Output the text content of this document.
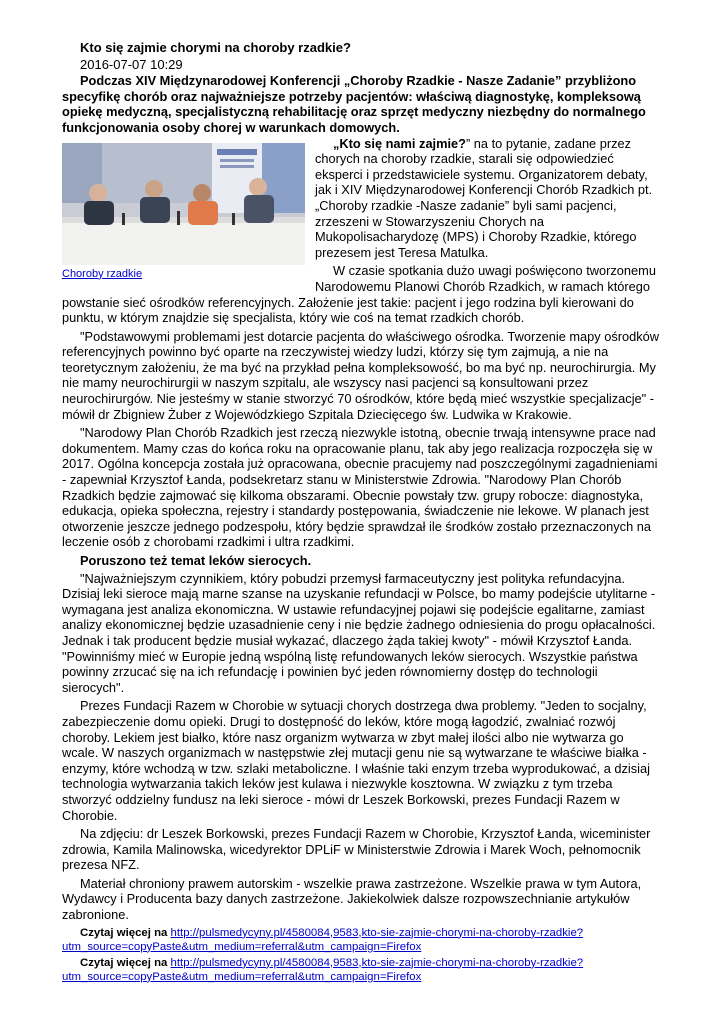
Kto się zajmie chorymi na choroby rzadkie?
2016-07-07 10:29

Podczas XIV Międzynarodowej Konferencji „Choroby Rzadkie - Nasze Zadanie” przybliżono specyfikę chorób oraz najważniejsze potrzeby pacjentów: właściwą diagnostykę, kompleksową opiekę medyczną, specjalistyczną rehabilitację oraz sprzęt medyczny niezbędny do normalnego funkcjonowania osoby chorej w warunkach domowych.

Choroby rzadkie

„Kto się nami zajmie?” na to pytanie, zadane przez chorych na choroby rzadkie, starali się odpowiedzieć eksperci i przedstawiciele systemu. Organizatorem debaty, jak i XIV Międzynarodowej Konferencji Chorób Rzadkich pt. „Choroby rzadkie -Nasze zadanie” byli sami pacjenci, zrzeszeni w Stowarzyszeniu Chorych na Mukopolisacharydozę (MPS) i Choroby Rzadkie, którego prezesem jest Teresa Matulka.

W czasie spotkania dużo uwagi poświęcono tworzonemu Narodowemu Planowi Chorób Rzadkich, w ramach którego powstanie sieć ośrodków referencyjnych. Założenie jest takie: pacjent i jego rodzina byli kierowani do punktu, w którym znajdzie się specjalista, który wie coś na temat rzadkich chorób.

"Podstawowymi problemami jest dotarcie pacjenta do właściwego ośrodka. Tworzenie mapy ośrodków referencyjnych powinno być oparte na rzeczywistej wiedzy ludzi, którzy się tym zajmują, a nie na teoretycznym założeniu, że ma być na przykład pełna kompleksowość, bo ma być np. neurochirurgia. My nie mamy neurochirurgii w naszym szpitalu, ale wszyscy nasi pacjenci są konsultowani przez neurochirurgów. Nie jesteśmy w stanie stworzyć 70 ośrodków, które będą mieć wszystkie specjalizacje" - mówił dr Zbigniew Żuber z Wojewódzkiego Szpitala Dziecięcego św. Ludwika w Krakowie.

"Narodowy Plan Chorób Rzadkich jest rzeczą niezwykle istotną, obecnie trwają intensywne prace nad dokumentem. Mamy czas do końca roku na opracowanie planu, tak aby jego realizacja rozpoczęła się w 2017. Ogólna koncepcja została już opracowana, obecnie pracujemy nad poszczególnymi zagadnieniami - zapewniał Krzysztof Łanda, podsekretarz stanu w Ministerstwie Zdrowia. "Narodowy Plan Chorób Rzadkich będzie zajmować się kilkoma obszarami. Obecnie powstały tzw. grupy robocze: diagnostyka, edukacja, opieka społeczna, rejestry i standardy postępowania, świadczenie nie lekowe. W planach jest otworzenie jeszcze jednego podzespołu, który będzie sprawdzał ile środków zostało przeznaczonych na leczenie osób z chorobami rzadkimi i ultra rzadkimi.

Poruszono też temat leków sierocych.

"Najważniejszym czynnikiem, który pobudzi przemysł farmaceutyczny jest polityka refundacyjna. Dzisiaj leki sieroce mają marne szanse na uzyskanie refundacji w Polsce, bo mamy podejście utylitarne - wymagana jest analiza ekonomiczna. W ustawie refundacyjnej pojawi się podejście egalitarne, zamiast analizy ekonomicznej będzie uzasadnienie ceny i nie będzie żadnego odniesienia do progu opłacalności. Jednak i tak producent będzie musiał wykazać, dlaczego żąda takiej kwoty" - mówił Krzysztof Łanda. "Powinniśmy mieć w Europie jedną wspólną listę refundowanych leków sierocych. Wszystkie państwa powinny zrzucać się na ich refundację i powinien być jeden równomierny dostęp do technologii sierocych".

Prezes Fundacji Razem w Chorobie w sytuacji chorych dostrzega dwa problemy. "Jeden to socjalny, zabezpieczenie domu opieki. Drugi to dostępność do leków, które mogą łagodzić, zwalniać rozwój choroby. Lekiem jest białko, które nasz organizm wytwarza w zbyt małej ilości albo nie wytwarza go wcale. W naszych organizmach w następstwie złej mutacji genu nie są wytwarzane te właściwe białka - enzymy, które wchodzą w tzw. szlaki metaboliczne. I właśnie taki enzym trzeba wyprodukować, a dzisiaj technologia wytwarzania takich leków jest kulawa i niezwykle kosztowna. W związku z tym trzeba stworzyć oddzielny fundusz na leki sieroce - mówi dr Leszek Borkowski, prezes Fundacji Razem w Chorobie.

Na zdjęciu: dr Leszek Borkowski, prezes Fundacji Razem w Chorobie, Krzysztof Łanda, wiceminister zdrowia, Kamila Malinowska, wicedyrektor DPLiF w Ministerstwie Zdrowia i Marek Woch, pełnomocnik prezesa NFZ.

Materiał chroniony prawem autorskim - wszelkie prawa zastrzeżone. Wszelkie prawa w tym Autora, Wydawcy i Producenta bazy danych zastrzeżone. Jakiekolwiek dalsze rozpowszechnianie artykułów zabronione.

Czytaj więcej na http://pulsmedycyny.pl/4580084,9583,kto-sie-zajmie-chorymi-na-choroby-rzadkie?utm_source=copyPaste&utm_medium=referral&utm_campaign=Firefox
Czytaj więcej na http://pulsmedycyny.pl/4580084,9583,kto-sie-zajmie-chorymi-na-choroby-rzadkie?utm_source=copyPaste&utm_medium=referral&utm_campaign=Firefox
